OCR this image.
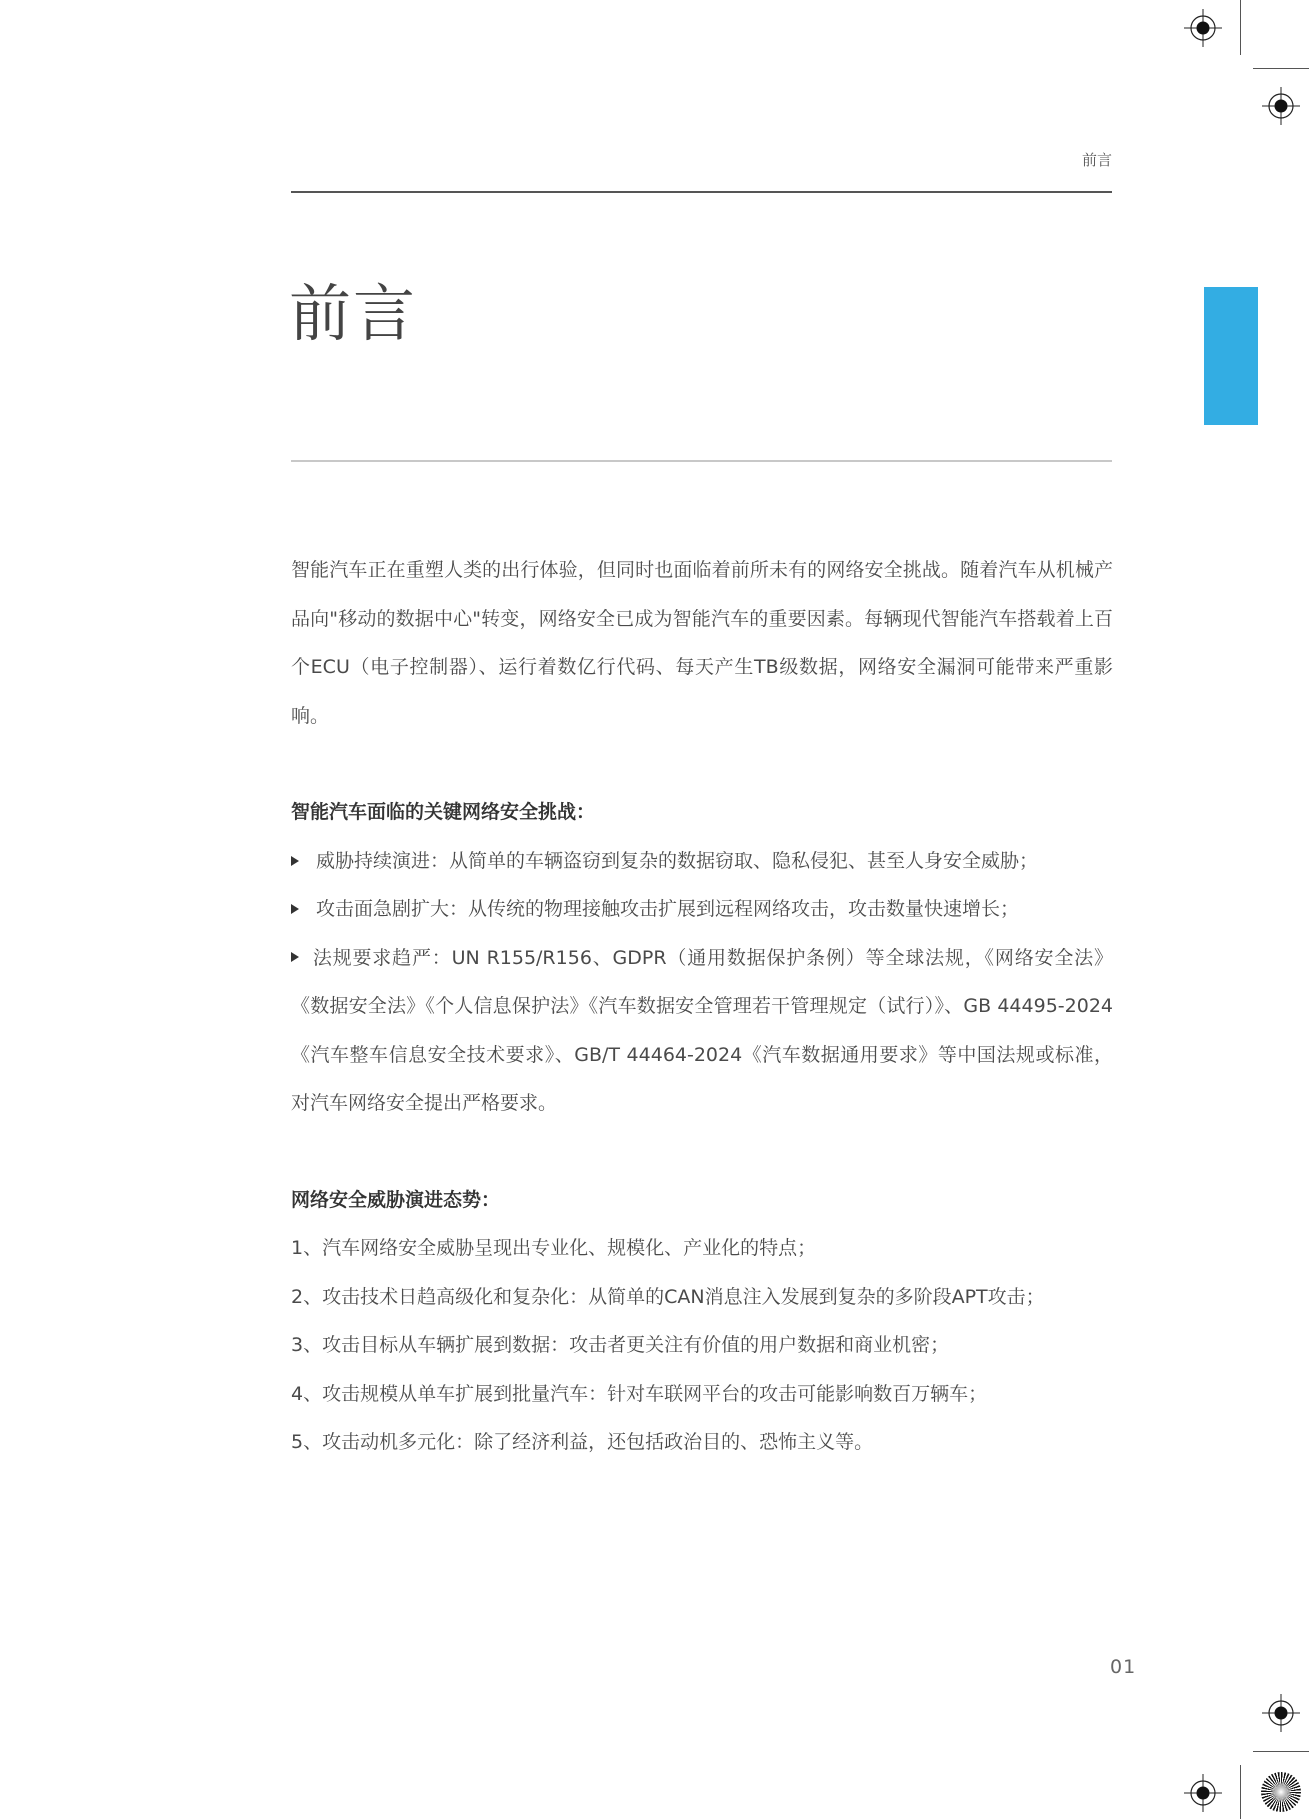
前言
前言

智能汽车正在重塑人类的出行体验，但同时也面临着前所未有的网络安全挑战。随着汽车从机械产品向"移动的数据中心"转变，网络安全已成为智能汽车的重要因素。每辆现代智能汽车搭载着上百个ECU（电子控制器）、运行着数亿行代码、每天产生TB级数据，网络安全漏洞可能带来严重影响。

智能汽车面临的关键网络安全挑战：

威胁持续演进：从简单的车辆盗窃到复杂的数据窃取、隐私侵犯、甚至人身安全威胁；

攻击面急剧扩大：从传统的物理接触攻击扩展到远程网络攻击，攻击数量快速增长；

法规要求趋严：UN R155/R156、GDPR（通用数据保护条例）等全球法规，《网络安全法》《数据安全法》《个人信息保护法》《汽车数据安全管理若干管理规定（试行）》、GB 44495-2024《汽车整车信息安全技术要求》、GB/T 44464-2024《汽车数据通用要求》等中国法规或标准，对汽车网络安全提出严格要求。

网络安全威胁演进态势：

1、汽车网络安全威胁呈现出专业化、规模化、产业化的特点；

2、攻击技术日趋高级化和复杂化：从简单的CAN消息注入发展到复杂的多阶段APT攻击；

3、攻击目标从车辆扩展到数据：攻击者更关注有价值的用户数据和商业机密；

4、攻击规模从单车扩展到批量汽车：针对车联网平台的攻击可能影响数百万辆车；

5、攻击动机多元化：除了经济利益，还包括政治目的、恐怖主义等。

01
